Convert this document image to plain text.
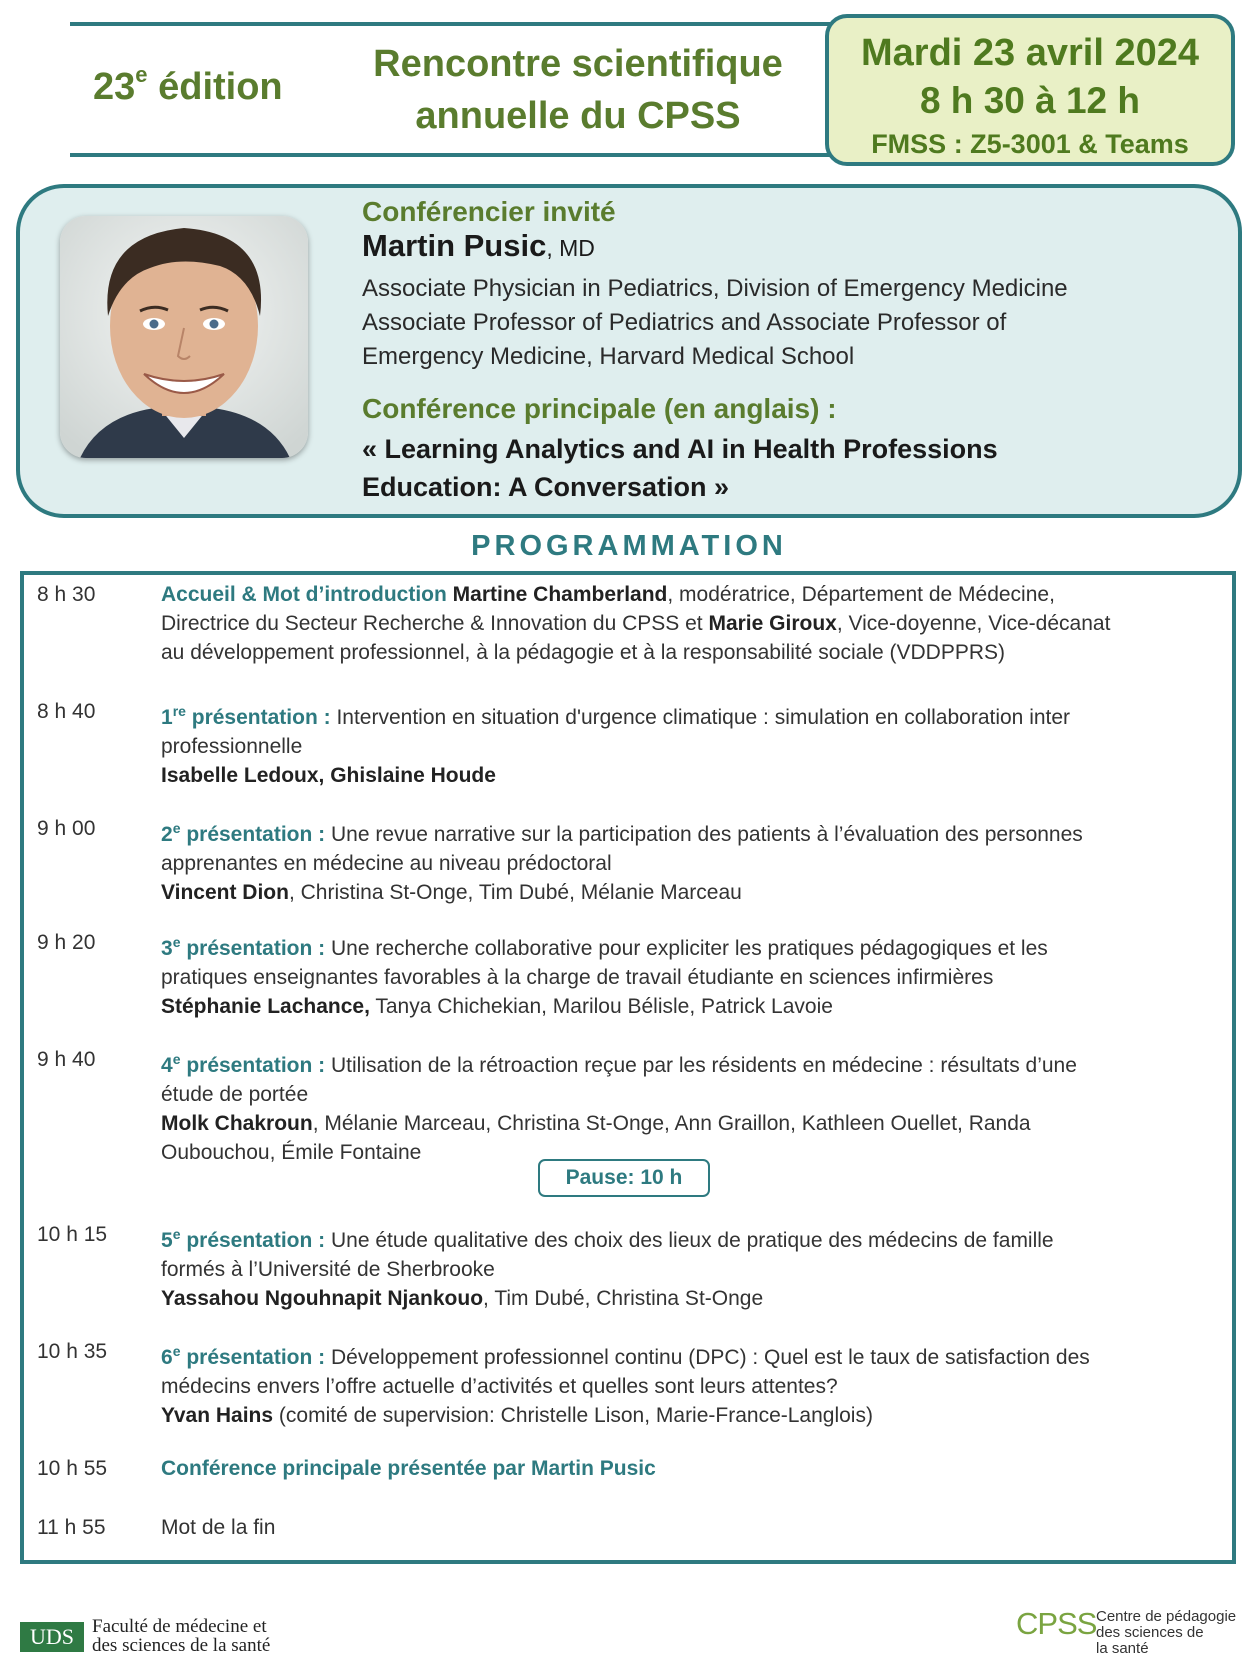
23e édition
Rencontre scientifique
annuelle du CPSS
Mardi 23 avril 2024
8 h 30 à 12 h
FMSS : Z5-3001 & Teams
Conférencier invité
Martin Pusic, MD
Associate Physician in Pediatrics, Division of Emergency Medicine
Associate Professor of Pediatrics and Associate Professor of
Emergency Medicine, Harvard Medical School
Conférence principale (en anglais) :
« Learning Analytics and AI in Health Professions
Education: A Conversation »
PROGRAMMATION
8 h 30	Accueil & Mot d’introduction Martine Chamberland, modératrice, Département de Médecine,
Directrice du Secteur Recherche & Innovation du CPSS et Marie Giroux, Vice-doyenne, Vice-décanat
au développement professionnel, à la pédagogie et à la responsabilité sociale (VDDPPRS)
8 h 40	1re présentation : Intervention en situation d'urgence climatique : simulation en collaboration inter
professionnelle
Isabelle Ledoux, Ghislaine Houde
9 h 00	2e présentation : Une revue narrative sur la participation des patients à l’évaluation des personnes
apprenantes en médecine au niveau prédoctoral
Vincent Dion, Christina St-Onge, Tim Dubé, Mélanie Marceau
9 h 20	3e présentation : Une recherche collaborative pour expliciter les pratiques pédagogiques et les
pratiques enseignantes favorables à la charge de travail étudiante en sciences infirmières
Stéphanie Lachance, Tanya Chichekian, Marilou Bélisle, Patrick Lavoie
9 h 40	4e présentation : Utilisation de la rétroaction reçue par les résidents en médecine : résultats d’une
étude de portée
Molk Chakroun, Mélanie Marceau, Christina St-Onge, Ann Graillon, Kathleen Ouellet, Randa
Oubouchou, Émile Fontaine
Pause: 10 h
10 h 15	5e présentation : Une étude qualitative des choix des lieux de pratique des médecins de famille
formés à l’Université de Sherbrooke
Yassahou Ngouhnapit Njankouo, Tim Dubé, Christina St-Onge
10 h 35	6e présentation : Développement professionnel continu (DPC) : Quel est le taux de satisfaction des
médecins envers l’offre actuelle d’activités et quelles sont leurs attentes?
Yvan Hains (comité de supervision: Christelle Lison, Marie-France-Langlois)
10 h 55	Conférence principale présentée par Martin Pusic
11 h 55	Mot de la fin
UDS Faculté de médecine et
des sciences de la santé
CPSS Centre de pédagogie
des sciences de
la santé
